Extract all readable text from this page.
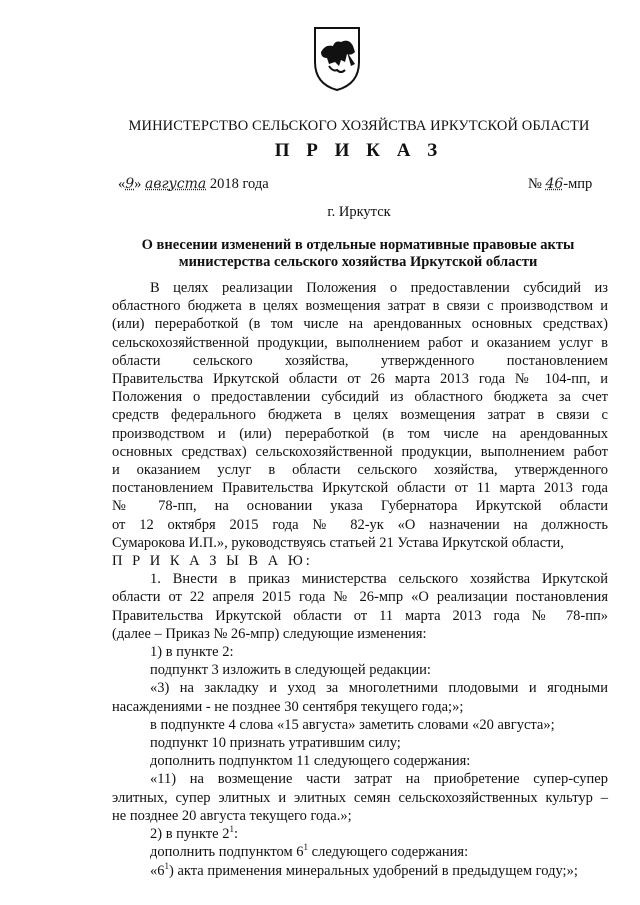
МИНИСТЕРСТВО СЕЛЬСКОГО ХОЗЯЙСТВА ИРКУТСКОЙ ОБЛАСТИ
П Р И К А З
«9» августа 2018 года	№ 46-мпр
г. Иркутск
О внесении изменений в отдельные нормативные правовые акты
министерства сельского хозяйства Иркутской области

В целях реализации Положения о предоставлении субсидий из

областного бюджета в целях возмещения затрат в связи с производством и

(или) переработкой (в том числе на арендованных основных средствах)

сельскохозяйственной продукции, выполнением работ и оказанием услуг в

области сельского хозяйства, утвержденного постановлением

Правительства Иркутской области от 26 марта 2013 года № 104-пп, и

Положения о предоставлении субсидий из областного бюджета за счет

средств федерального бюджета в целях возмещения затрат в связи с

производством и (или) переработкой (в том числе на арендованных

основных средствах) сельскохозяйственной продукции, выполнением работ

и оказанием услуг в области сельского хозяйства, утвержденного

постановлением Правительства Иркутской области от 11 марта 2013 года

№ 78-пп, на основании указа Губернатора Иркутской области

от 12 октября 2015 года № 82-ук «О назначении на должность

Сумарокова И.П.», руководствуясь статьей 21 Устава Иркутской области,

П Р И К А З Ы В А Ю:

1. Внести в приказ министерства сельского хозяйства Иркутской

области от 22 апреля 2015 года № 26-мпр «О реализации постановления

Правительства Иркутской области от 11 марта 2013 года № 78-пп»

(далее – Приказ № 26-мпр) следующие изменения:

1) в пункте 2:

подпункт 3 изложить в следующей редакции:

«3) на закладку и уход за многолетними плодовыми и ягодными

насаждениями - не позднее 30 сентября текущего года;»;

в подпункте 4 слова «15 августа» заметить словами «20 августа»;

подпункт 10 признать утратившим силу;

дополнить подпунктом 11 следующего содержания:

«11) на возмещение части затрат на приобретение супер-супер

элитных, супер элитных и элитных семян сельскохозяйственных культур –

не позднее 20 августа текущего года.»;

2) в пункте $2^1$:

дополнить подпунктом $6^1$ следующего содержания:

«$6^1$) акта применения минеральных удобрений в предыдущем году;»;
